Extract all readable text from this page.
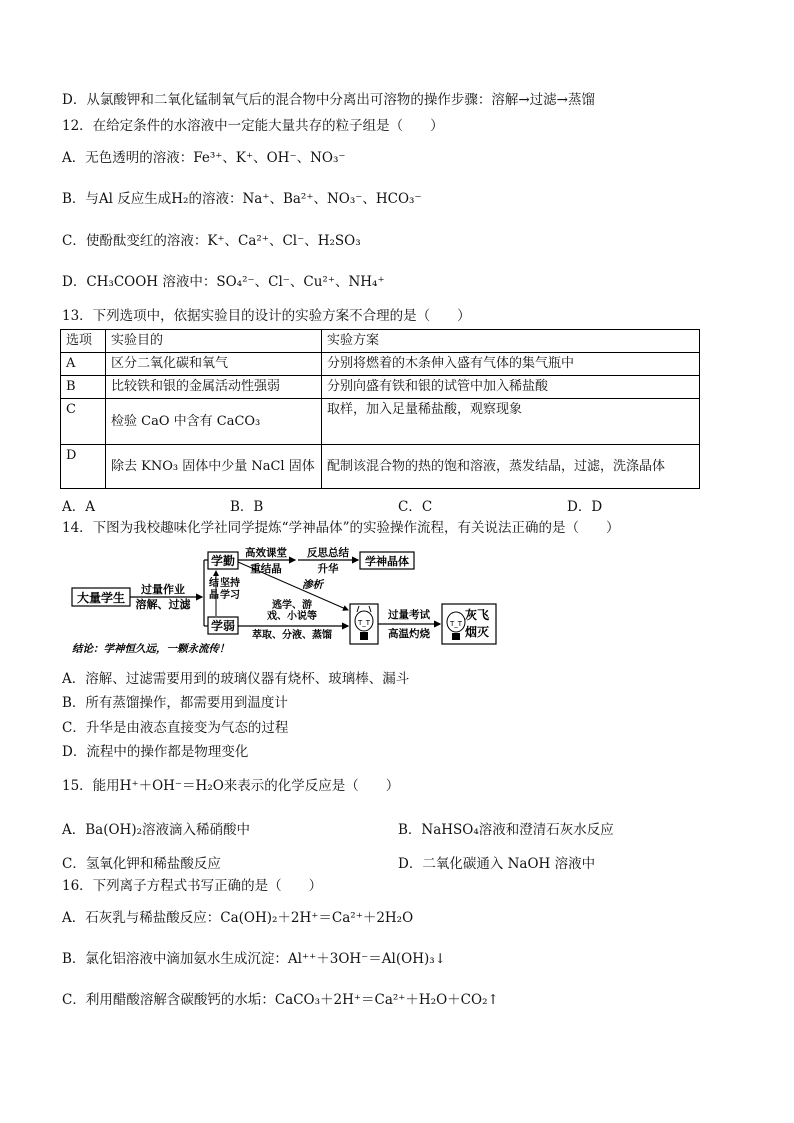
D．从氯酸钾和二氧化锰制氧气后的混合物中分离出可溶物的操作步骤：溶解→过滤→蒸馏
12．在给定条件的水溶液中一定能大量共存的粒子组是（　　）
A．无色透明的溶液：Fe³⁺、K⁺、OH⁻、NO₃⁻
B．与Al 反应生成H₂的溶液：Na⁺、Ba²⁺、NO₃⁻、HCO₃⁻
C．使酚酞变红的溶液：K⁺、Ca²⁺、Cl⁻、H₂SO₃
D．CH₃COOH 溶液中：SO₄²⁻、Cl⁻、Cu²⁺、NH₄⁺
13．下列选项中，依据实验目的设计的实验方案不合理的是（　　）
选项	实验目的	实验方案
A	区分二氧化碳和氧气	分别将燃着的木条伸入盛有气体的集气瓶中
B	比较铁和银的金属活动性强弱	分别向盛有铁和银的试管中加入稀盐酸
C	检验 CaO 中含有 CaCO₃	取样，加入足量稀盐酸，观察现象
D	除去 KNO₃ 固体中少量 NaCl 固体	配制该混合物的热的饱和溶液，蒸发结晶，过滤，洗涤晶体
A．A	B．B	C．C	D．D
14．下图为我校趣味化学社同学提炼“学神晶体”的实验操作流程，有关说法正确的是（　　）
大量学生
过量作业
溶解、过滤
学勤
学弱
结
晶
坚持
学习
高效课堂
重结晶
反思总结
升华
学神晶体
渗析
逃学、游
戏、小说等
萃取、分液、蒸馏
T_T
过量考试
高温灼烧
T_T
灰飞
烟灭
结论：学神恒久远，一颗永流传！
A．溶解、过滤需要用到的玻璃仪器有烧杯、玻璃棒、漏斗
B．所有蒸馏操作，都需要用到温度计
C．升华是由液态直接变为气态的过程
D．流程中的操作都是物理变化
15．能用H⁺＋OH⁻＝H₂O来表示的化学反应是（　　）
A．Ba(OH)₂溶液滴入稀硝酸中	B．NaHSO₄溶液和澄清石灰水反应
C．氢氧化钾和稀盐酸反应	D．二氧化碳通入 NaOH 溶液中
16．下列离子方程式书写正确的是（　　）
A．石灰乳与稀盐酸反应：Ca(OH)₂＋2H⁺＝Ca²⁺＋2H₂O
B．氯化铝溶液中滴加氨水生成沉淀：Al⁺⁺＋3OH⁻＝Al(OH)₃↓
C．利用醋酸溶解含碳酸钙的水垢：CaCO₃＋2H⁺＝Ca²⁺＋H₂O＋CO₂↑
